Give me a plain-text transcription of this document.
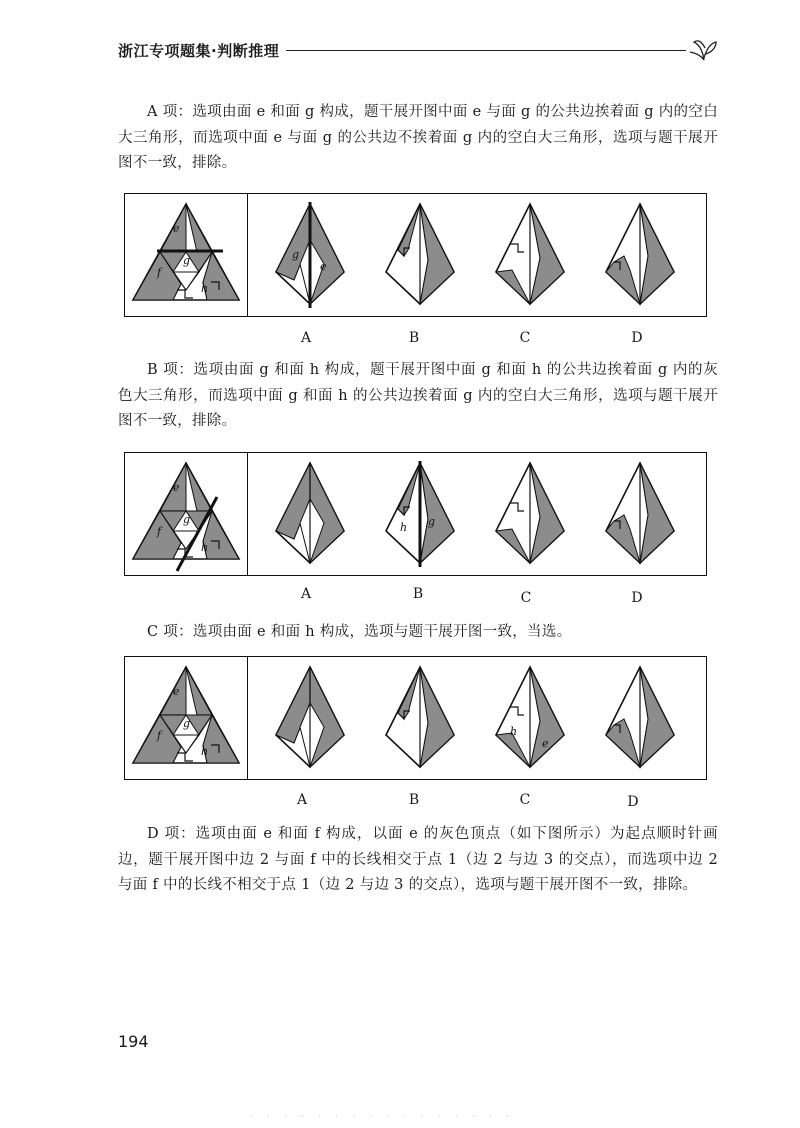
浙江专项题集·判断推理

A 项：选项由面 e 和面 g 构成，题干展开图中面 e 与面 g 的公共边挨着面 g 内的空白大三角形，而选项中面 e 与面 g 的公共边不挨着面 g 内的空白大三角形，选项与题干展开图不一致，排除。

e
f
g
h
g
e
A	B	C	D

B 项：选项由面 g 和面 h 构成，题干展开图中面 g 和面 h 的公共边挨着面 g 内的灰色大三角形，而选项中面 g 和面 h 的公共边挨着面 g 内的空白大三角形，选项与题干展开图不一致，排除。

e
f
g
h
h g
A	B	C	D

C 项：选项由面 e 和面 h 构成，选项与题干展开图一致，当选。

e
f
g
h
h
e
A	B	C	D

D 项：选项由面 e 和面 f 构成，以面 e 的灰色顶点（如下图所示）为起点顺时针画边，题干展开图中边 2 与面 f 中的长线相交于点 1（边 2 与边 3 的交点），而选项中边 2 与面 f 中的长线不相交于点 1（边 2 与边 3 的交点），选项与题干展开图不一致，排除。

194
· · · · · · · · · · · · · · · ·
